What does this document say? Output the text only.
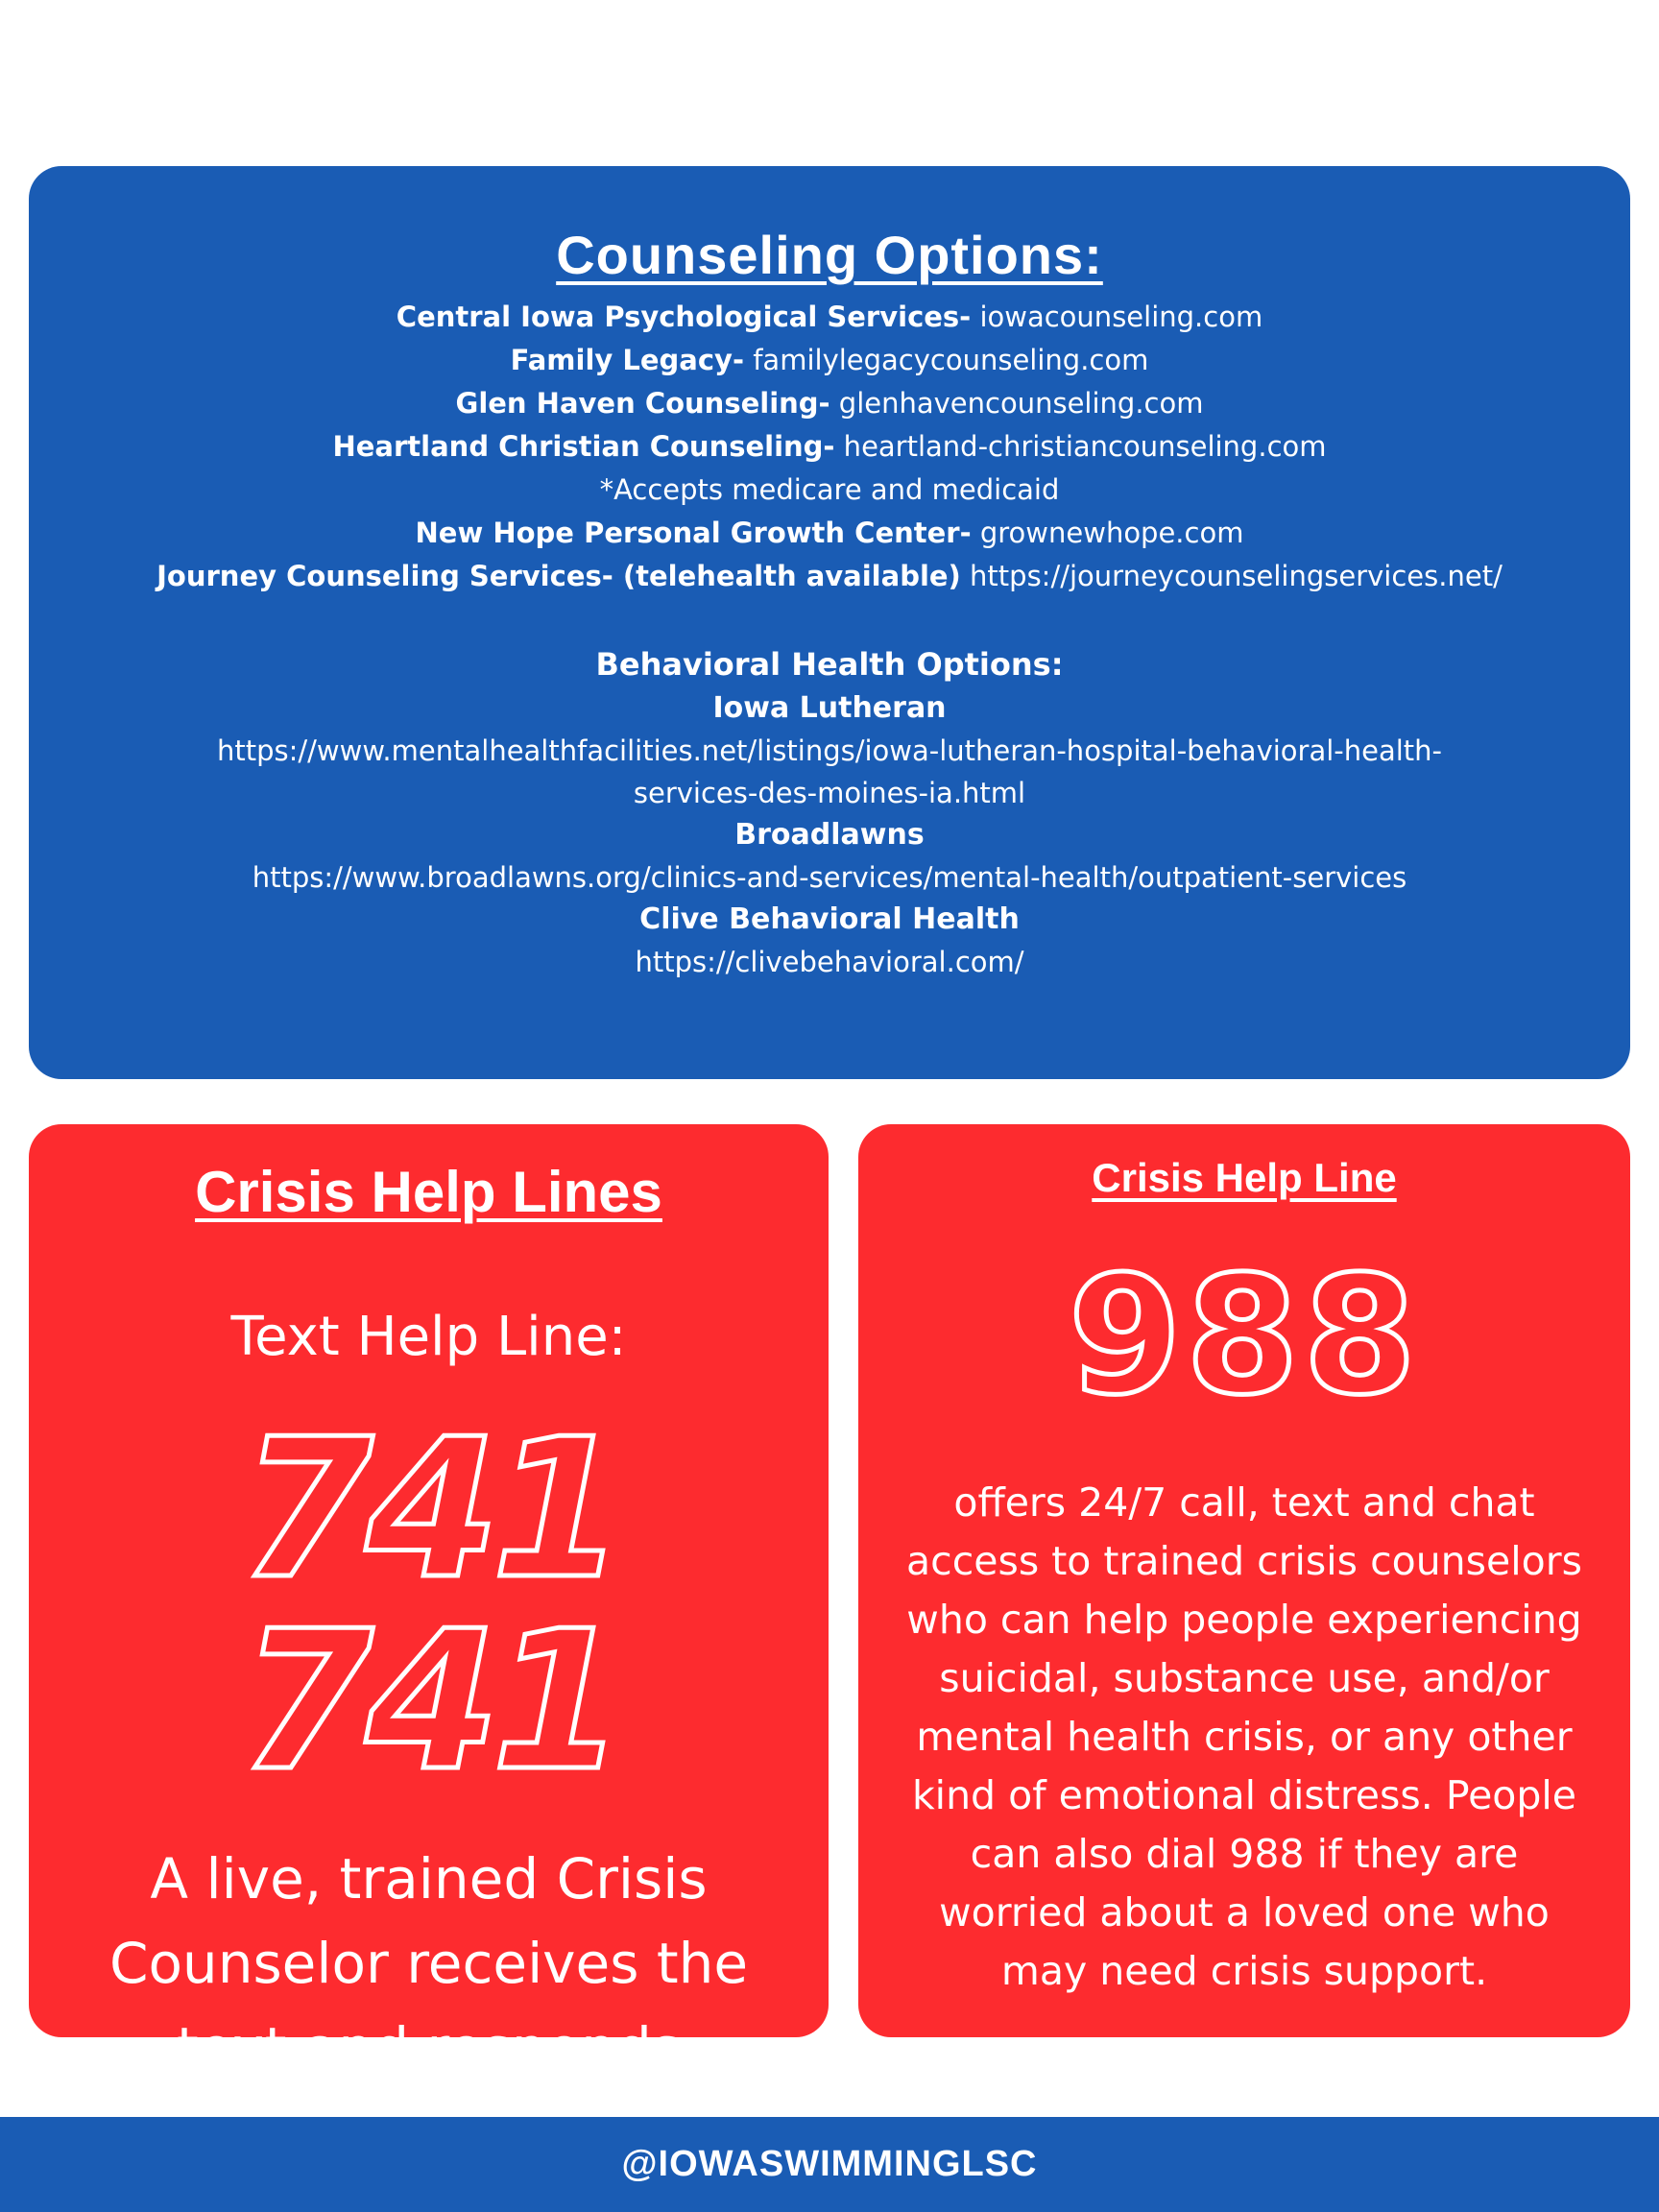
Counseling Options:
Central Iowa Psychological Services- iowacounseling.com
Family Legacy- familylegacycounseling.com
Glen Haven Counseling- glenhavencounseling.com
Heartland Christian Counseling- heartland-christiancounseling.com
*Accepts medicare and medicaid
New Hope Personal Growth Center- grownewhope.com
Journey Counseling Services- (telehealth available) https://journeycounselingservices.net/
Behavioral Health Options:
Iowa Lutheran
https://www.mentalhealthfacilities.net/listings/iowa-lutheran-hospital-behavioral-health-
services-des-moines-ia.html
Broadlawns
https://www.broadlawns.org/clinics-and-services/mental-health/outpatient-services
Clive Behavioral Health
https://clivebehavioral.com/
Crisis Help Lines
Text Help Line:
741 741
A live, trained Crisis Counselor receives the text and responds
Crisis Help Line
988
offers 24/7 call, text and chat access to trained crisis counselors who can help people experiencing suicidal, substance use, and/or mental health crisis, or any other kind of emotional distress. People can also dial 988 if they are worried about a loved one who may need crisis support.
@IOWASWIMMINGLSC
